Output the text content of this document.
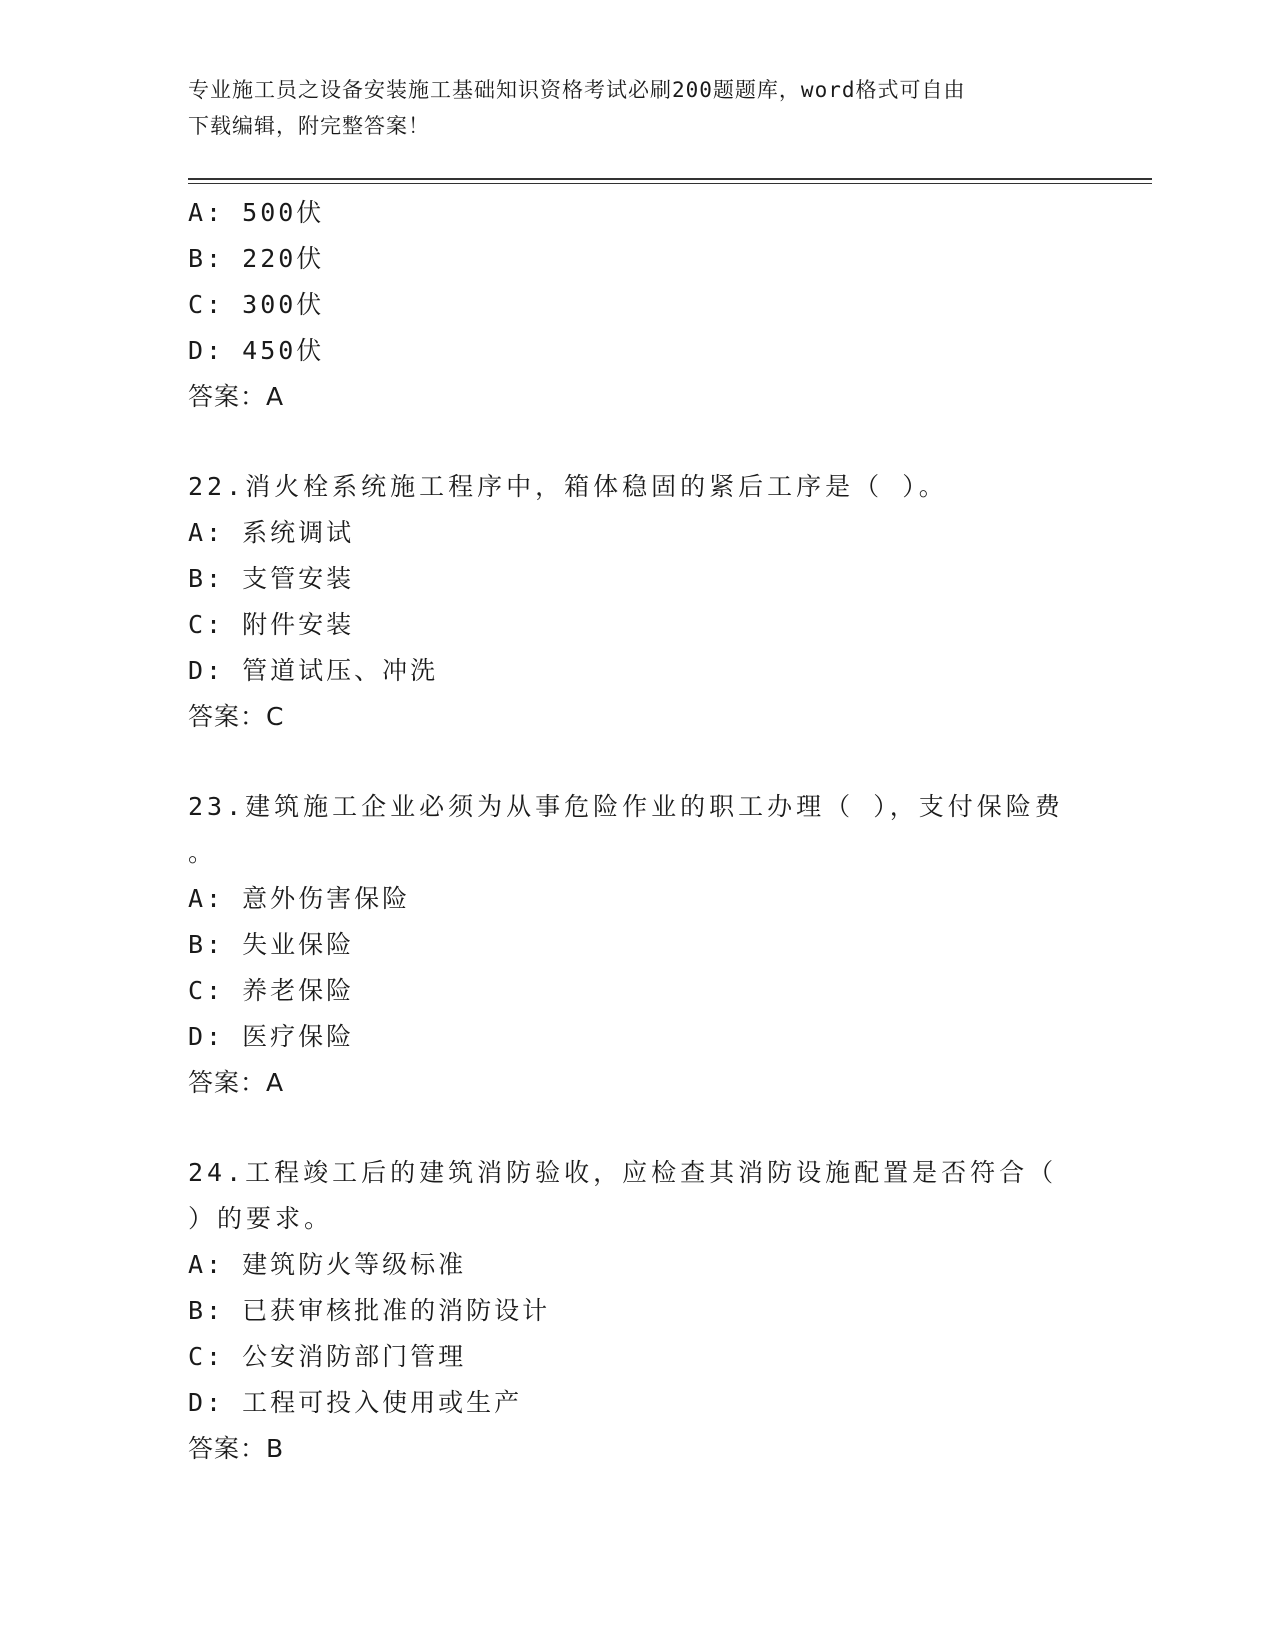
专业施工员之设备安装施工基础知识资格考试必刷200题题库，word格式可自由
下载编辑，附完整答案！
A: 500伏
B: 220伏
C: 300伏
D: 450伏
答案：A
22.消火栓系统施工程序中，箱体稳固的紧后工序是（ ）。
A: 系统调试
B: 支管安装
C: 附件安装
D: 管道试压、冲洗
答案：C
23.建筑施工企业必须为从事危险作业的职工办理（ ），支付保险费
。
A: 意外伤害保险
B: 失业保险
C: 养老保险
D: 医疗保险
答案：A
24.工程竣工后的建筑消防验收，应检查其消防设施配置是否符合（
）的要求。
A: 建筑防火等级标准
B: 已获审核批准的消防设计
C: 公安消防部门管理
D: 工程可投入使用或生产
答案：B
